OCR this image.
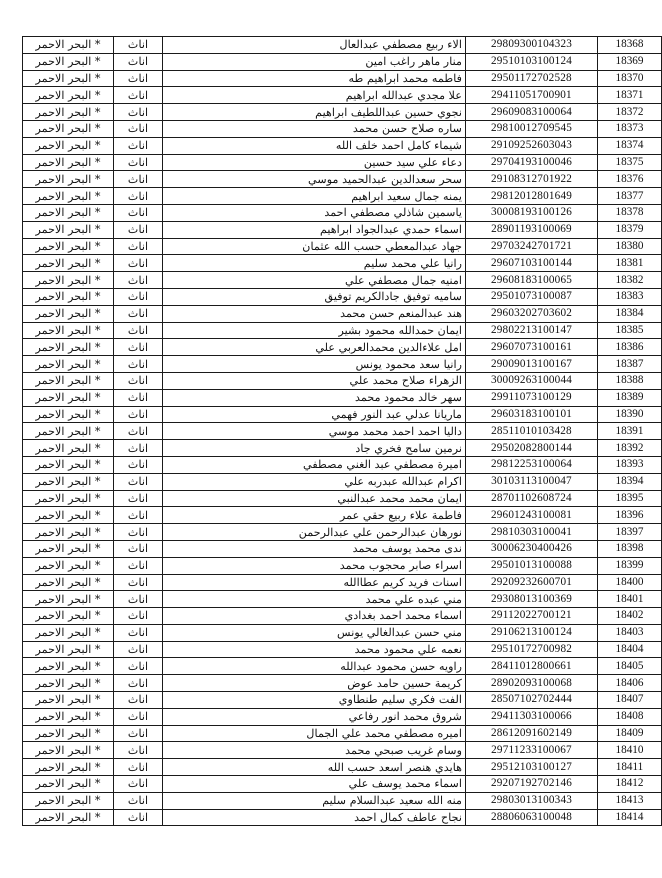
البحر الاحمر *	اناث	الاء ربيع مصطفي عبدالعال	29809300104323	18368
البحر الاحمر *	اناث	منار ماهر راغب امين	29510103100124	18369
البحر الاحمر *	اناث	فاطمه محمد ابراهيم طه	29501172702528	18370
البحر الاحمر *	اناث	علا مجدي عبدالله ابراهيم	29411051700901	18371
البحر الاحمر *	اناث	نجوي حسين عبداللطيف ابراهيم	29609083100064	18372
البحر الاحمر *	اناث	ساره صلاح حسن محمد	29810012709545	18373
البحر الاحمر *	اناث	شيماء كامل احمد خلف الله	29109252603043	18374
البحر الاحمر *	اناث	دعاء علي سيد حسين	29704193100046	18375
البحر الاحمر *	اناث	سحر سعدالدين عبدالحميد موسي	29108312701922	18376
البحر الاحمر *	اناث	يمنه جمال سعيد ابراهيم	29812012801649	18377
البحر الاحمر *	اناث	ياسمين شاذلي مصطفي احمد	30008193100126	18378
البحر الاحمر *	اناث	اسماء حمدي عبدالجواد ابراهيم	28901193100069	18379
البحر الاحمر *	اناث	جهاد عبدالمعطي حسب الله عثمان	29703242701721	18380
البحر الاحمر *	اناث	رانيا علي محمد سليم	29607103100144	18381
البحر الاحمر *	اناث	امنيه جمال مصطفي علي	29608183100065	18382
البحر الاحمر *	اناث	ساميه توفيق جادالكريم توفيق	29501073100087	18383
البحر الاحمر *	اناث	هند عبدالمنعم حسن محمد	29603202703602	18384
البحر الاحمر *	اناث	ايمان حمدالله محمود بشير	29802213100147	18385
البحر الاحمر *	اناث	امل علاءالدين محمدالعربي علي	29607073100161	18386
البحر الاحمر *	اناث	رانيا سعد محمود يونس	29009013100167	18387
البحر الاحمر *	اناث	الزهراء صلاح محمد علي	30009263100044	18388
البحر الاحمر *	اناث	سهر خالد محمود محمد	29911073100129	18389
البحر الاحمر *	اناث	ماريانا عدلي عبد النور فهمي	29603183100101	18390
البحر الاحمر *	اناث	داليا احمد احمد محمد موسي	28511010103428	18391
البحر الاحمر *	اناث	نرمين سامح فخري جاد	29502082800144	18392
البحر الاحمر *	اناث	اميرة مصطفي عبد الغني مصطفي	29812253100064	18393
البحر الاحمر *	اناث	اكرام عبدالله عبدربه علي	30103113100047	18394
البحر الاحمر *	اناث	ايمان محمد محمد عبدالنبي	28701102608724	18395
البحر الاحمر *	اناث	فاطمة علاء ربيع حقي عمر	29601243100081	18396
البحر الاحمر *	اناث	نورهان عبدالرحمن علي عبدالرحمن	29810303100041	18397
البحر الاحمر *	اناث	ندى محمد يوسف محمد	30006230400426	18398
البحر الاحمر *	اناث	اسراء صابر محجوب محمد	29501013100088	18399
البحر الاحمر *	اناث	اسنات فريد كريم عطاالله	29209232600701	18400
البحر الاحمر *	اناث	مني عبده علي محمد	29308013100369	18401
البحر الاحمر *	اناث	اسماء محمد احمد بغدادي	29112022700121	18402
البحر الاحمر *	اناث	مني حسن عبدالغالي يونس	29106213100124	18403
البحر الاحمر *	اناث	نعمه علي محمود محمد	29510172700982	18404
البحر الاحمر *	اناث	راويه حسن محمود عبدالله	28411012800661	18405
البحر الاحمر *	اناث	كريمة حسين حامد عوض	28902093100068	18406
البحر الاحمر *	اناث	الفت فكري سليم طنطاوي	28507102702444	18407
البحر الاحمر *	اناث	شروق محمد انور رفاعي	29411303100066	18408
البحر الاحمر *	اناث	اميره مصطفي محمد علي الجمال	28612091602149	18409
البحر الاحمر *	اناث	وسام غريب صبحي محمد	29711233100067	18410
البحر الاحمر *	اناث	هايدي هنصر اسعد حسب الله	29512103100127	18411
البحر الاحمر *	اناث	اسماء محمد يوسف علي	29207192702146	18412
البحر الاحمر *	اناث	منه الله سعيد عبدالسلام سليم	29803013100343	18413
البحر الاحمر *	اناث	نجاح عاطف كمال احمد	28806063100048	18414
